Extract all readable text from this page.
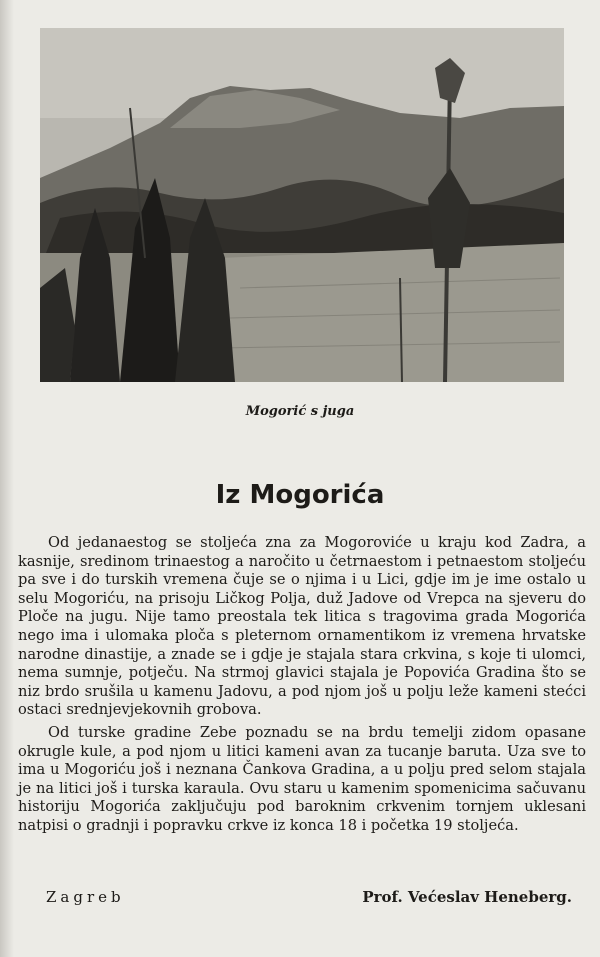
Mogorić s juga
Iz Mogorića

Od jedanaestog se stoljeća zna za Mogoroviće u kraju kod Zadra, a kasnije, sredinom trinaestog a naročito u četrnaestom i petnaestom stoljeću pa sve i do turskih vremena čuje se o njima i u Lici, gdje im je ime ostalo u selu Mogoriću, na prisoju Ličkog Polja, duž Jadove od Vrepca na sjeveru do Ploče na jugu. Nije tamo preostala tek litica s tragovima grada Mogorića nego ima i ulomaka ploča s pleternom ornamentikom iz vremena hrvatske narodne dinastije, a znade se i gdje je stajala stara crkvina, s koje ti ulomci, nema sumnje, potječu. Na strmoj glavici stajala je Popovića Gradina što se niz brdo srušila u kamenu Jadovu, a pod njom još u polju leže kameni stećci ostaci srednjevjekovnih grobova.

Od turske gradine Zebe poznadu se na brdu temelji zidom opasane okrugle kule, a pod njom u litici kameni avan za tucanje baruta. Uza sve to ima u Mogoriću još i neznana Čankova Gradina, a u polju pred selom stajala je na litici još i turska karaula. Ovu staru u kamenim spomenicima sačuvanu historiju Mogorića zaključuju pod baroknim crkvenim tornjem uklesani natpisi o gradnji i popravku crkve iz konca 18 i početka 19 stoljeća.

Zagreb	Prof. Većeslav Heneberg.
